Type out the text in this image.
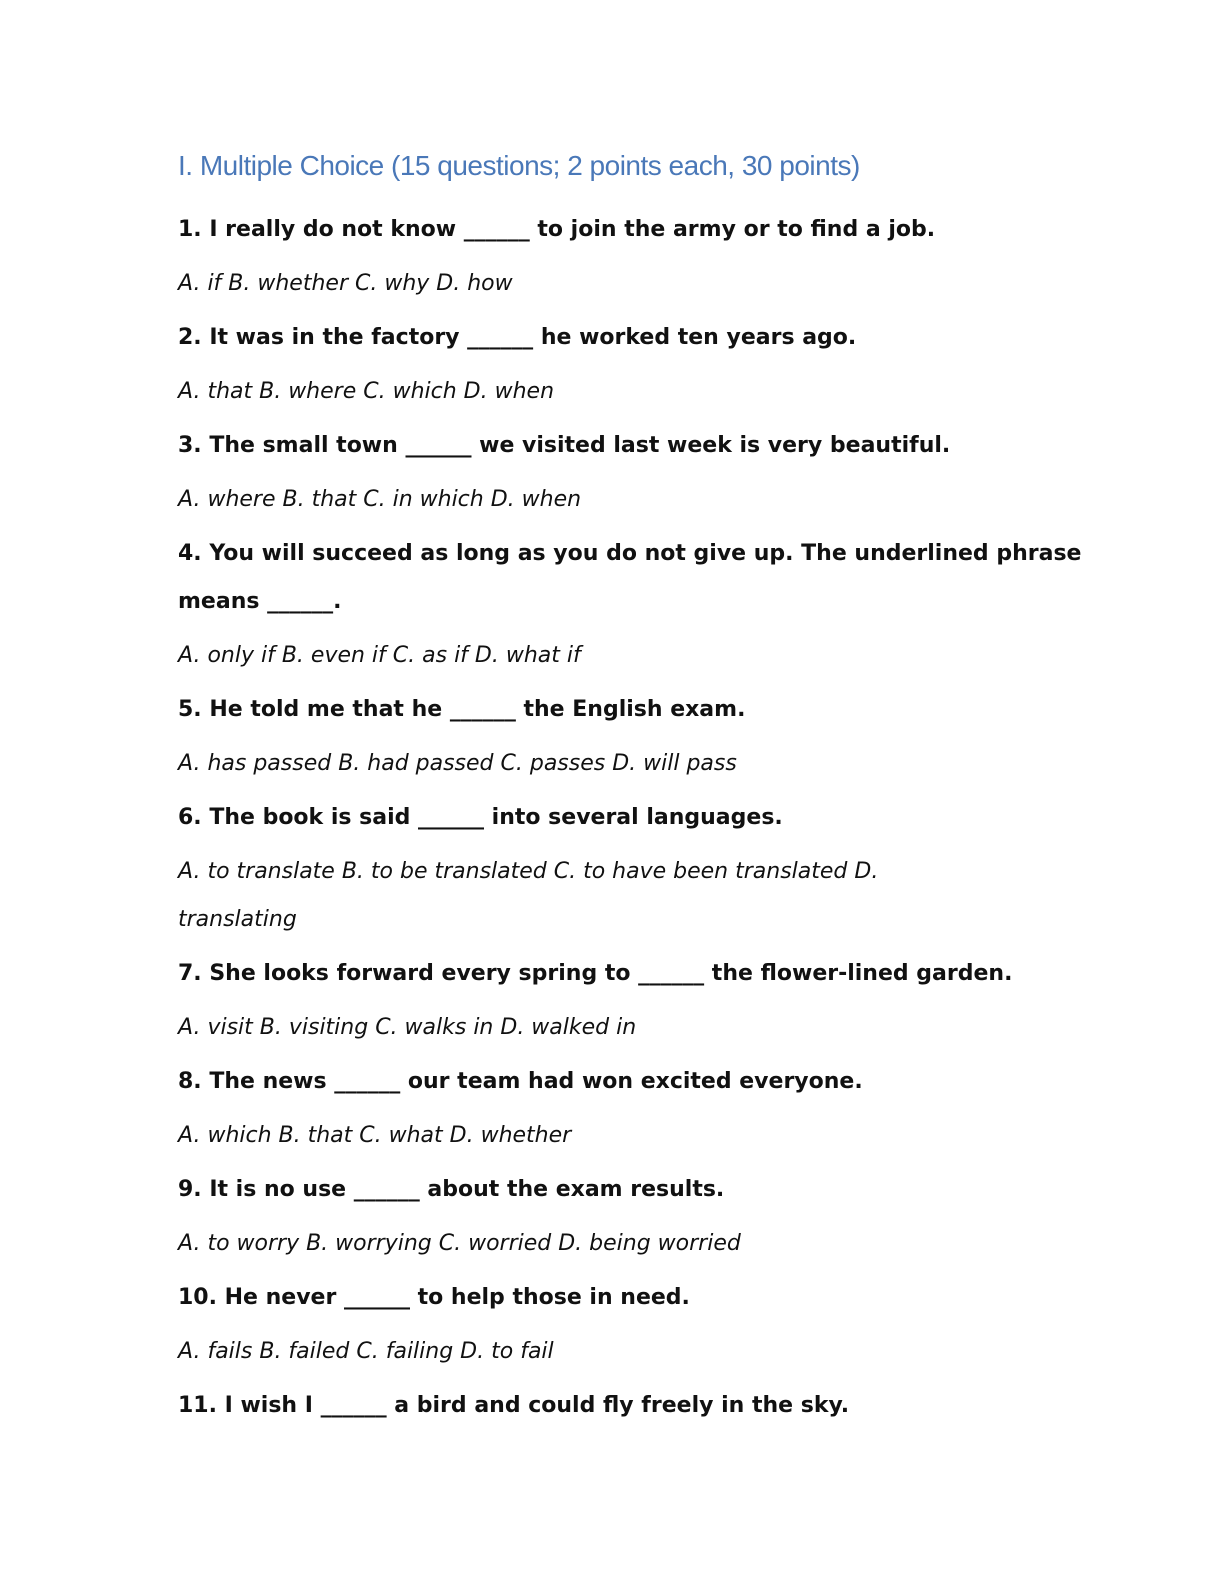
I. Multiple Choice (15 questions; 2 points each, 30 points)
1. I really do not know ______ to join the army or to find a job.
A. if B. whether C. why D. how
2. It was in the factory ______ he worked ten years ago.
A. that B. where C. which D. when
3. The small town ______ we visited last week is very beautiful.
A. where B. that C. in which D. when
4. You will succeed as long as you do not give up. The underlined phrase
means ______.
A. only if B. even if C. as if D. what if
5. He told me that he ______ the English exam.
A. has passed B. had passed C. passes D. will pass
6. The book is said ______ into several languages.
A. to translate B. to be translated C. to have been translated D.
translating
7. She looks forward every spring to ______ the flower-lined garden.
A. visit B. visiting C. walks in D. walked in
8. The news ______ our team had won excited everyone.
A. which B. that C. what D. whether
9. It is no use ______ about the exam results.
A. to worry B. worrying C. worried D. being worried
10. He never ______ to help those in need.
A. fails B. failed C. failing D. to fail
11. I wish I ______ a bird and could fly freely in the sky.
